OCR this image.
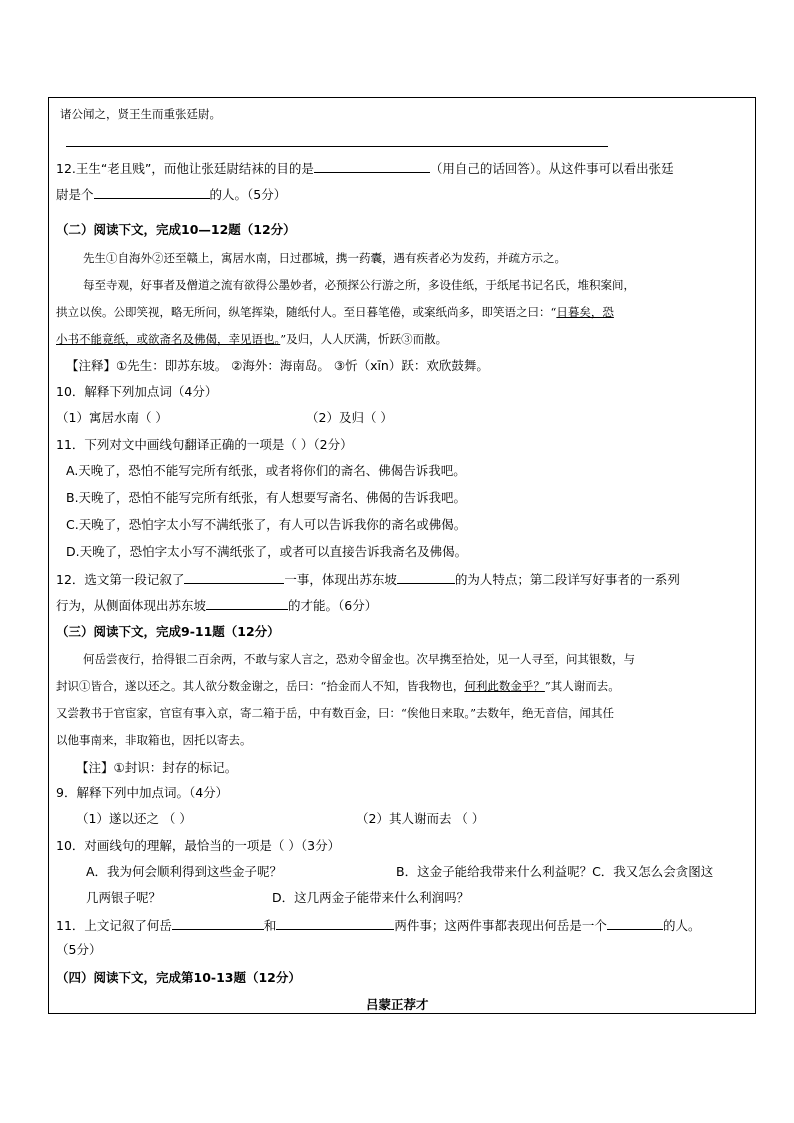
诸公闻之，贤王生而重张廷尉。
12.王生“老且贱”，而他让张廷尉结袜的目的是	（用自己的话回答）。从这件事可以看出张廷
尉是个	的人。（5分）
（二）阅读下文，完成10—12题（12分）
先生①自海外②还至赣上，寓居水南，日过郡城，携一药囊，遇有疾者必为发药，并疏方示之。
每至寺观，好事者及僧道之流有欲得公墨妙者，必预探公行游之所，多设佳纸，于纸尾书记名氏，堆积案间，
拱立以俟。公即笑视，略无所问，纵笔挥染，随纸付人。至日暮笔倦，或案纸尚多，即笑语之曰：“日暮矣，恐
小书不能竟纸，或欲斋名及佛偈，幸见语也。”及归，人人厌满，忻跃③而散。
【注释】①先生：即苏东坡。 ②海外：海南岛。 ③忻（xīn）跃：欢欣鼓舞。
10．解释下列加点词（4分）
（1）寓居水南（ ）	（2）及归（ ）
11．下列对文中画线句翻译正确的一项是（ ）（2分）
A.天晚了，恐怕不能写完所有纸张，或者将你们的斋名、佛偈告诉我吧。
B.天晚了，恐怕不能写完所有纸张，有人想要写斋名、佛偈的告诉我吧。
C.天晚了，恐怕字太小写不满纸张了，有人可以告诉我你的斋名或佛偈。
D.天晚了，恐怕字太小写不满纸张了，或者可以直接告诉我斋名及佛偈。
12．选文第一段记叙了	一事，体现出苏东坡	的为人特点；第二段详写好事者的一系列
行为，从侧面体现出苏东坡	的才能。（6分）
（三）阅读下文，完成9-11题（12分）
何岳尝夜行，拾得银二百余两，不敢与家人言之，恐劝令留金也。次早携至拾处，见一人寻至，问其银数，与
封识①皆合，遂以还之。其人欲分数金谢之，岳曰：“拾金而人不知，皆我物也，何利此数金乎？”其人谢而去。
又尝教书于官宦家，官宦有事入京，寄二箱于岳，中有数百金，曰：“俟他日来取。”去数年，绝无音信，闻其任
以他事南来，非取箱也，因托以寄去。
【注】①封识：封存的标记。
9．解释下列中加点词。（4分）
（1）遂以还之 （ ）	（2）其人谢而去 （ ）
10．对画线句的理解，最恰当的一项是（ ）（3分）
A．我为何会顺利得到这些金子呢？	B．这金子能给我带来什么利益呢？C．我又怎么会贪图这
几两银子呢？	D．这几两金子能带来什么利润吗？
11．上文记叙了何岳	和	两件事；这两件事都表现出何岳是一个	的人。
（5分）
（四）阅读下文，完成第10-13题（12分）
吕蒙正荐才
